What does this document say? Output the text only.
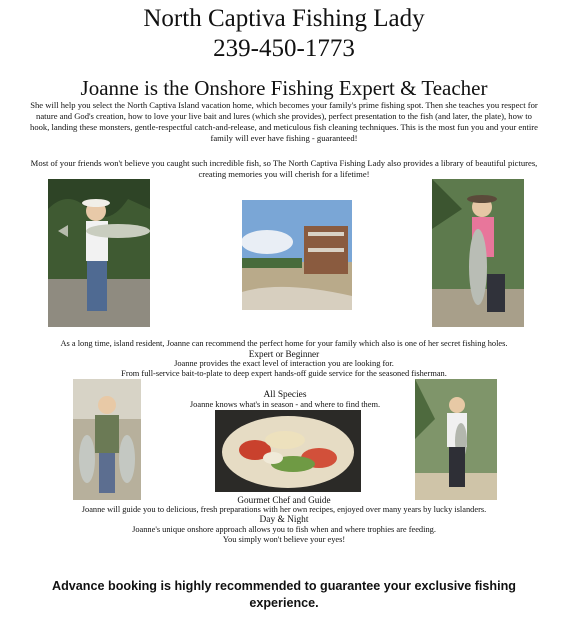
North Captiva Fishing Lady
239-450-1773
Joanne is the Onshore Fishing Expert & Teacher
She will help you select the North Captiva Island vacation home, which becomes your family's prime fishing spot. Then she teaches you respect for nature and God's creation, how to love your live bait and lures (which she provides), perfect presentation to the fish (and later, the plate), how to hook, landing these monsters, gentle-respectful catch-and-release, and meticulous fish cleaning techniques. This is the most fun you and your entire family will ever have fishing - guaranteed!
Most of your friends won't believe you caught such incredible fish, so The North Captiva Fishing Lady also provides a library of beautiful pictures, creating memories you will cherish for a lifetime!
As a long time, island resident, Joanne can recommend the perfect home for your family which also is one of her secret fishing holes.
Expert or Beginner
Joanne provides the exact level of interaction you are looking for.
From full-service bait-to-plate to deep expert hands-off guide service for the seasoned fisherman.
All Species
Joanne knows what's in season - and where to find them.
Gourmet Chef and Guide
Joanne will guide you to delicious, fresh preparations with her own recipes, enjoyed over many years by lucky islanders.
Day & Night
Joanne's unique onshore approach allows you to fish when and where trophies are feeding.
You simply won't believe your eyes!
Advance booking is highly recommended to guarantee your exclusive fishing experience.
